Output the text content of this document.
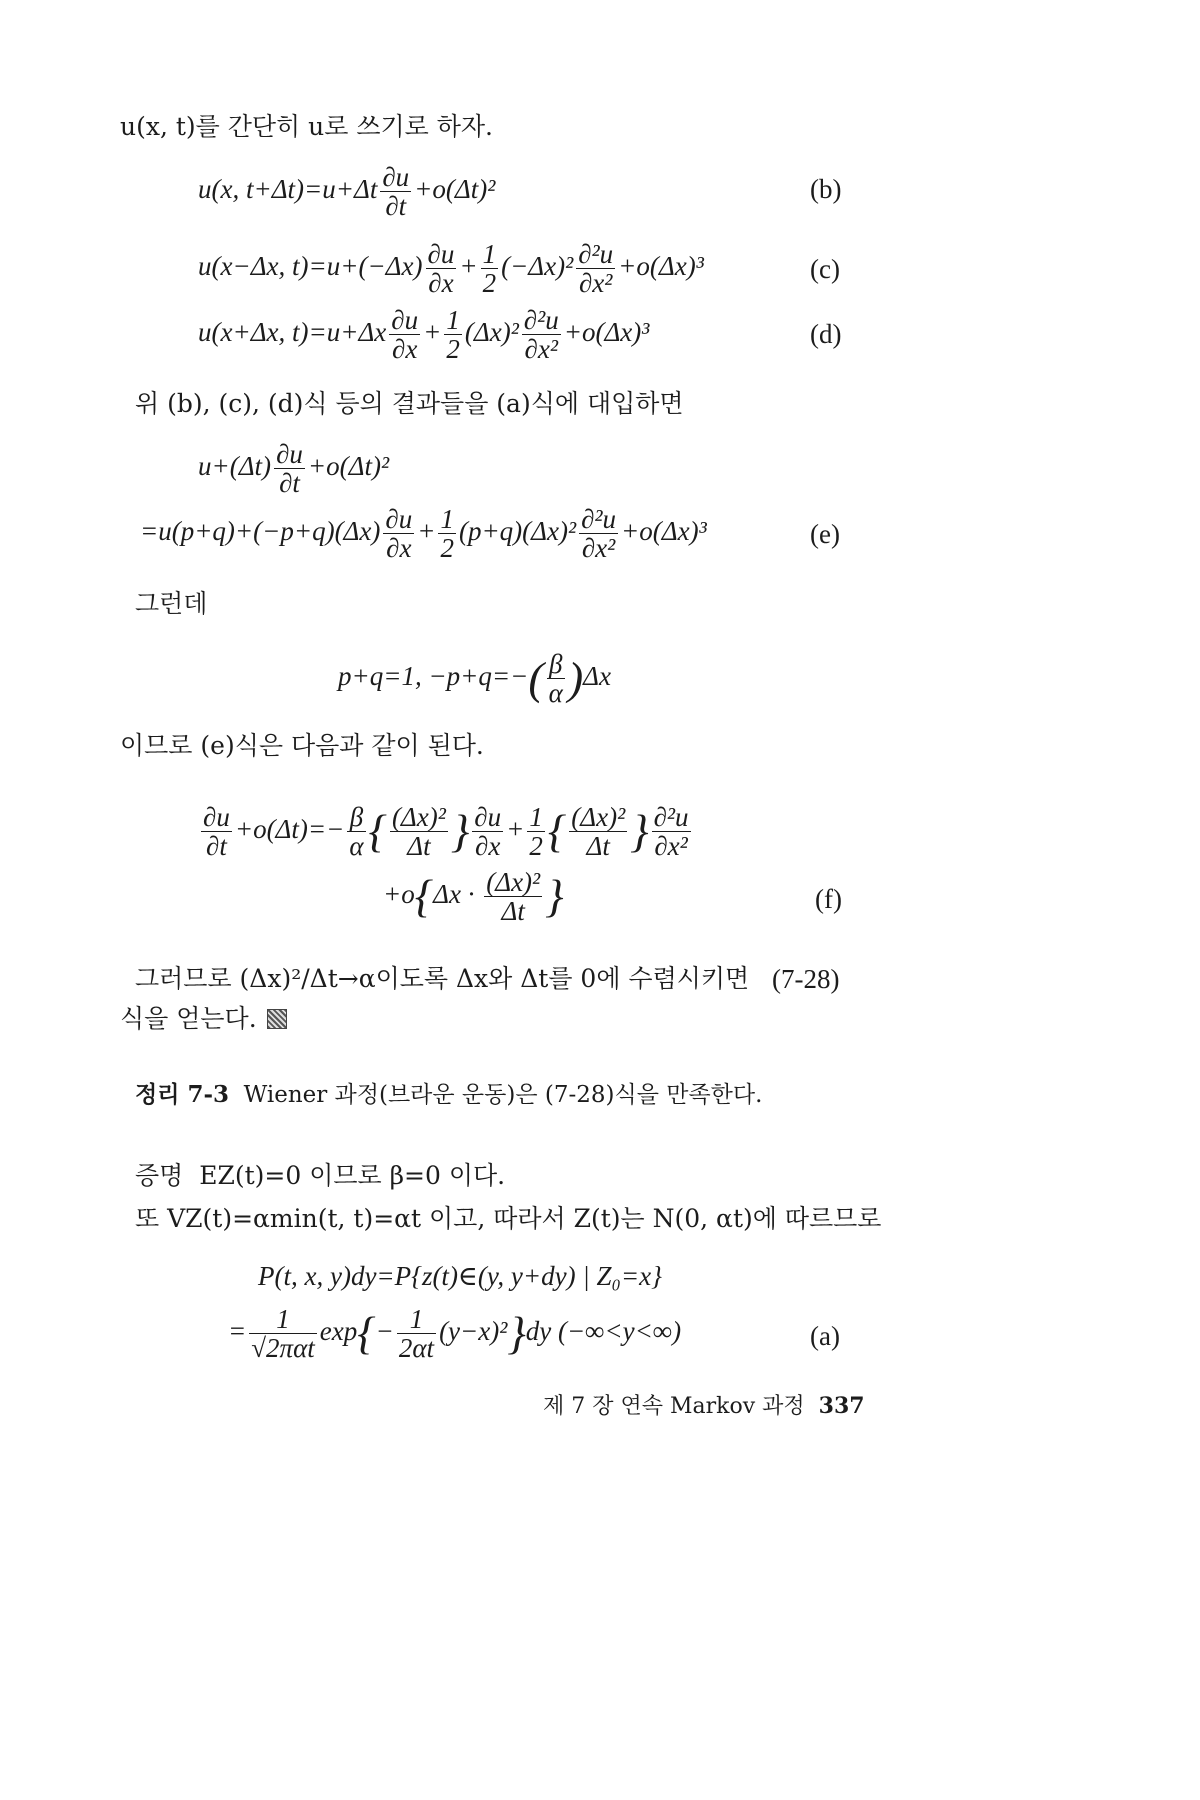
u(x, t)를 간단히 u로 쓰기로 하자.
u(x, $t+\Delta t)=u+\Delta t \frac{\partial u}{\partial t} +o(\Delta t)^2$	(b)
u(x−Δx, $t)=u+(-\Delta x) \frac{\partial u}{\partial x} + \frac{1}{2} (-\Delta x)^2 \frac{\text{∂²u}}{\text{∂x²}} +o(\Delta x)^3$	(c)
u(x+Δx, $t)=u+\Delta x \frac{\partial u}{\partial x} + \frac{1}{2} (\Delta x)^2 \frac{\text{∂²u}}{\text{∂x²}} +o(\Delta x)^3$	(d)
위 (b), (c), (d)식 등의 결과들을 (a)식에 대입하면
$u+(\Delta t) \frac{\partial u}{\partial t} +o(\Delta t)^2$
$=u(p+q)+(-p+q)(\Delta x) \frac{\partial u}{\partial x} + \frac{1}{2} (p+q)(\Delta x)^2 \frac{\text{∂²u}}{\text{∂x²}} +o(\Delta x)^3$	(e)
그런데
p+q=1, $-p+q=-( \frac{\beta}{\alpha} )\Delta x$
이므로 (e)식은 다음과 같이 된다.
$\frac{\partial u}{\partial t} +o(\Delta t)=- \frac{\beta}{\alpha}$ { $\frac{\text{(Δx)²}}{\Delta t}$ } $\frac{\partial u}{\partial x} + \frac{1}{2}$ { $\frac{\text{(Δx)²}}{\Delta t}$ } $\frac{\text{∂²u}}{\text{∂x²}}$
$+o\{\Delta x \cdot \frac{\text{(Δx)²}}{\Delta t}$ }	(f)
그러므로 (Δx)²/Δt→α이도록 Δx와 Δt를 0에 수렴시키면 (7-28)
식을 얻는다.
정리 7-3 Wiener 과정(브라운 운동)은 (7-28)식을 만족한다.
증명 EZ(t)=0 이므로 β=0 이다.
또 VZ(t)=αmin(t, t)=αt 이고, 따라서 Z(t)는 N(0, αt)에 따르므로
P(t, x, y)dy=P{z(t)∈(y, y+dy) | Z₀=x}
= $\frac{1}{\text{√2παt}} \exp\{- \frac{1}{2\alpha t} (y-x)^2\}dy$ (−∞<y<∞)	(a)
제 7 장 연속 Markov 과정 337
